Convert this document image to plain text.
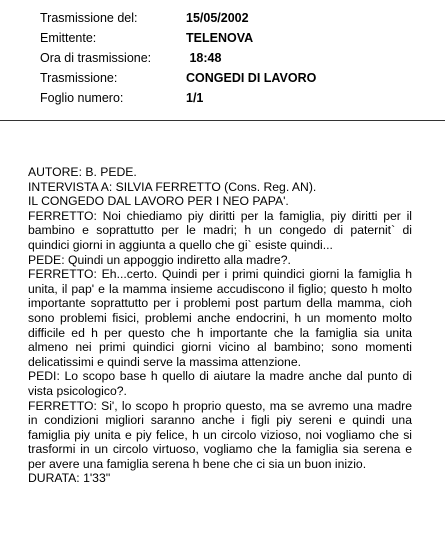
Trasmissione del:	15/05/2002
Emittente:	TELENOVA
Ora di trasmissione:	18:48
Trasmissione:	CONGEDI DI LAVORO
Foglio numero:	1/1

AUTORE: B. PEDE.

INTERVISTA A: SILVIA FERRETTO (Cons. Reg. AN).

IL CONGEDO DAL LAVORO PER I NEO PAPA'.

FERRETTO: Noi chiediamo piy diritti per la famiglia, piy diritti per il bambino e soprattutto per le madri; h un congedo di paternit` di quindici giorni in aggiunta a quello che gi` esiste quindi...

PEDE: Quindi un appoggio indiretto alla madre?.

FERRETTO: Eh...certo. Quindi per i primi quindici giorni la famiglia h unita, il pap' e la mamma insieme accudiscono il figlio; questo h molto importante soprattutto per i problemi post partum della mamma, cioh sono problemi fisici, problemi anche endocrini, h un momento molto difficile ed h per questo che h importante che la famiglia sia unita almeno nei primi quindici giorni vicino al bambino; sono momenti delicatissimi e quindi serve la massima attenzione.

PEDI: Lo scopo base h quello di aiutare la madre anche dal punto di vista psicologico?.

FERRETTO: Si', lo scopo h proprio questo, ma se avremo una madre in condizioni migliori saranno anche i figli piy sereni e quindi una famiglia piy unita e piy felice, h un circolo vizioso, noi vogliamo che si trasformi in un circolo virtuoso, vogliamo che la famiglia sia serena e per avere una famiglia serena h bene che ci sia un buon inizio.

DURATA: 1'33''
